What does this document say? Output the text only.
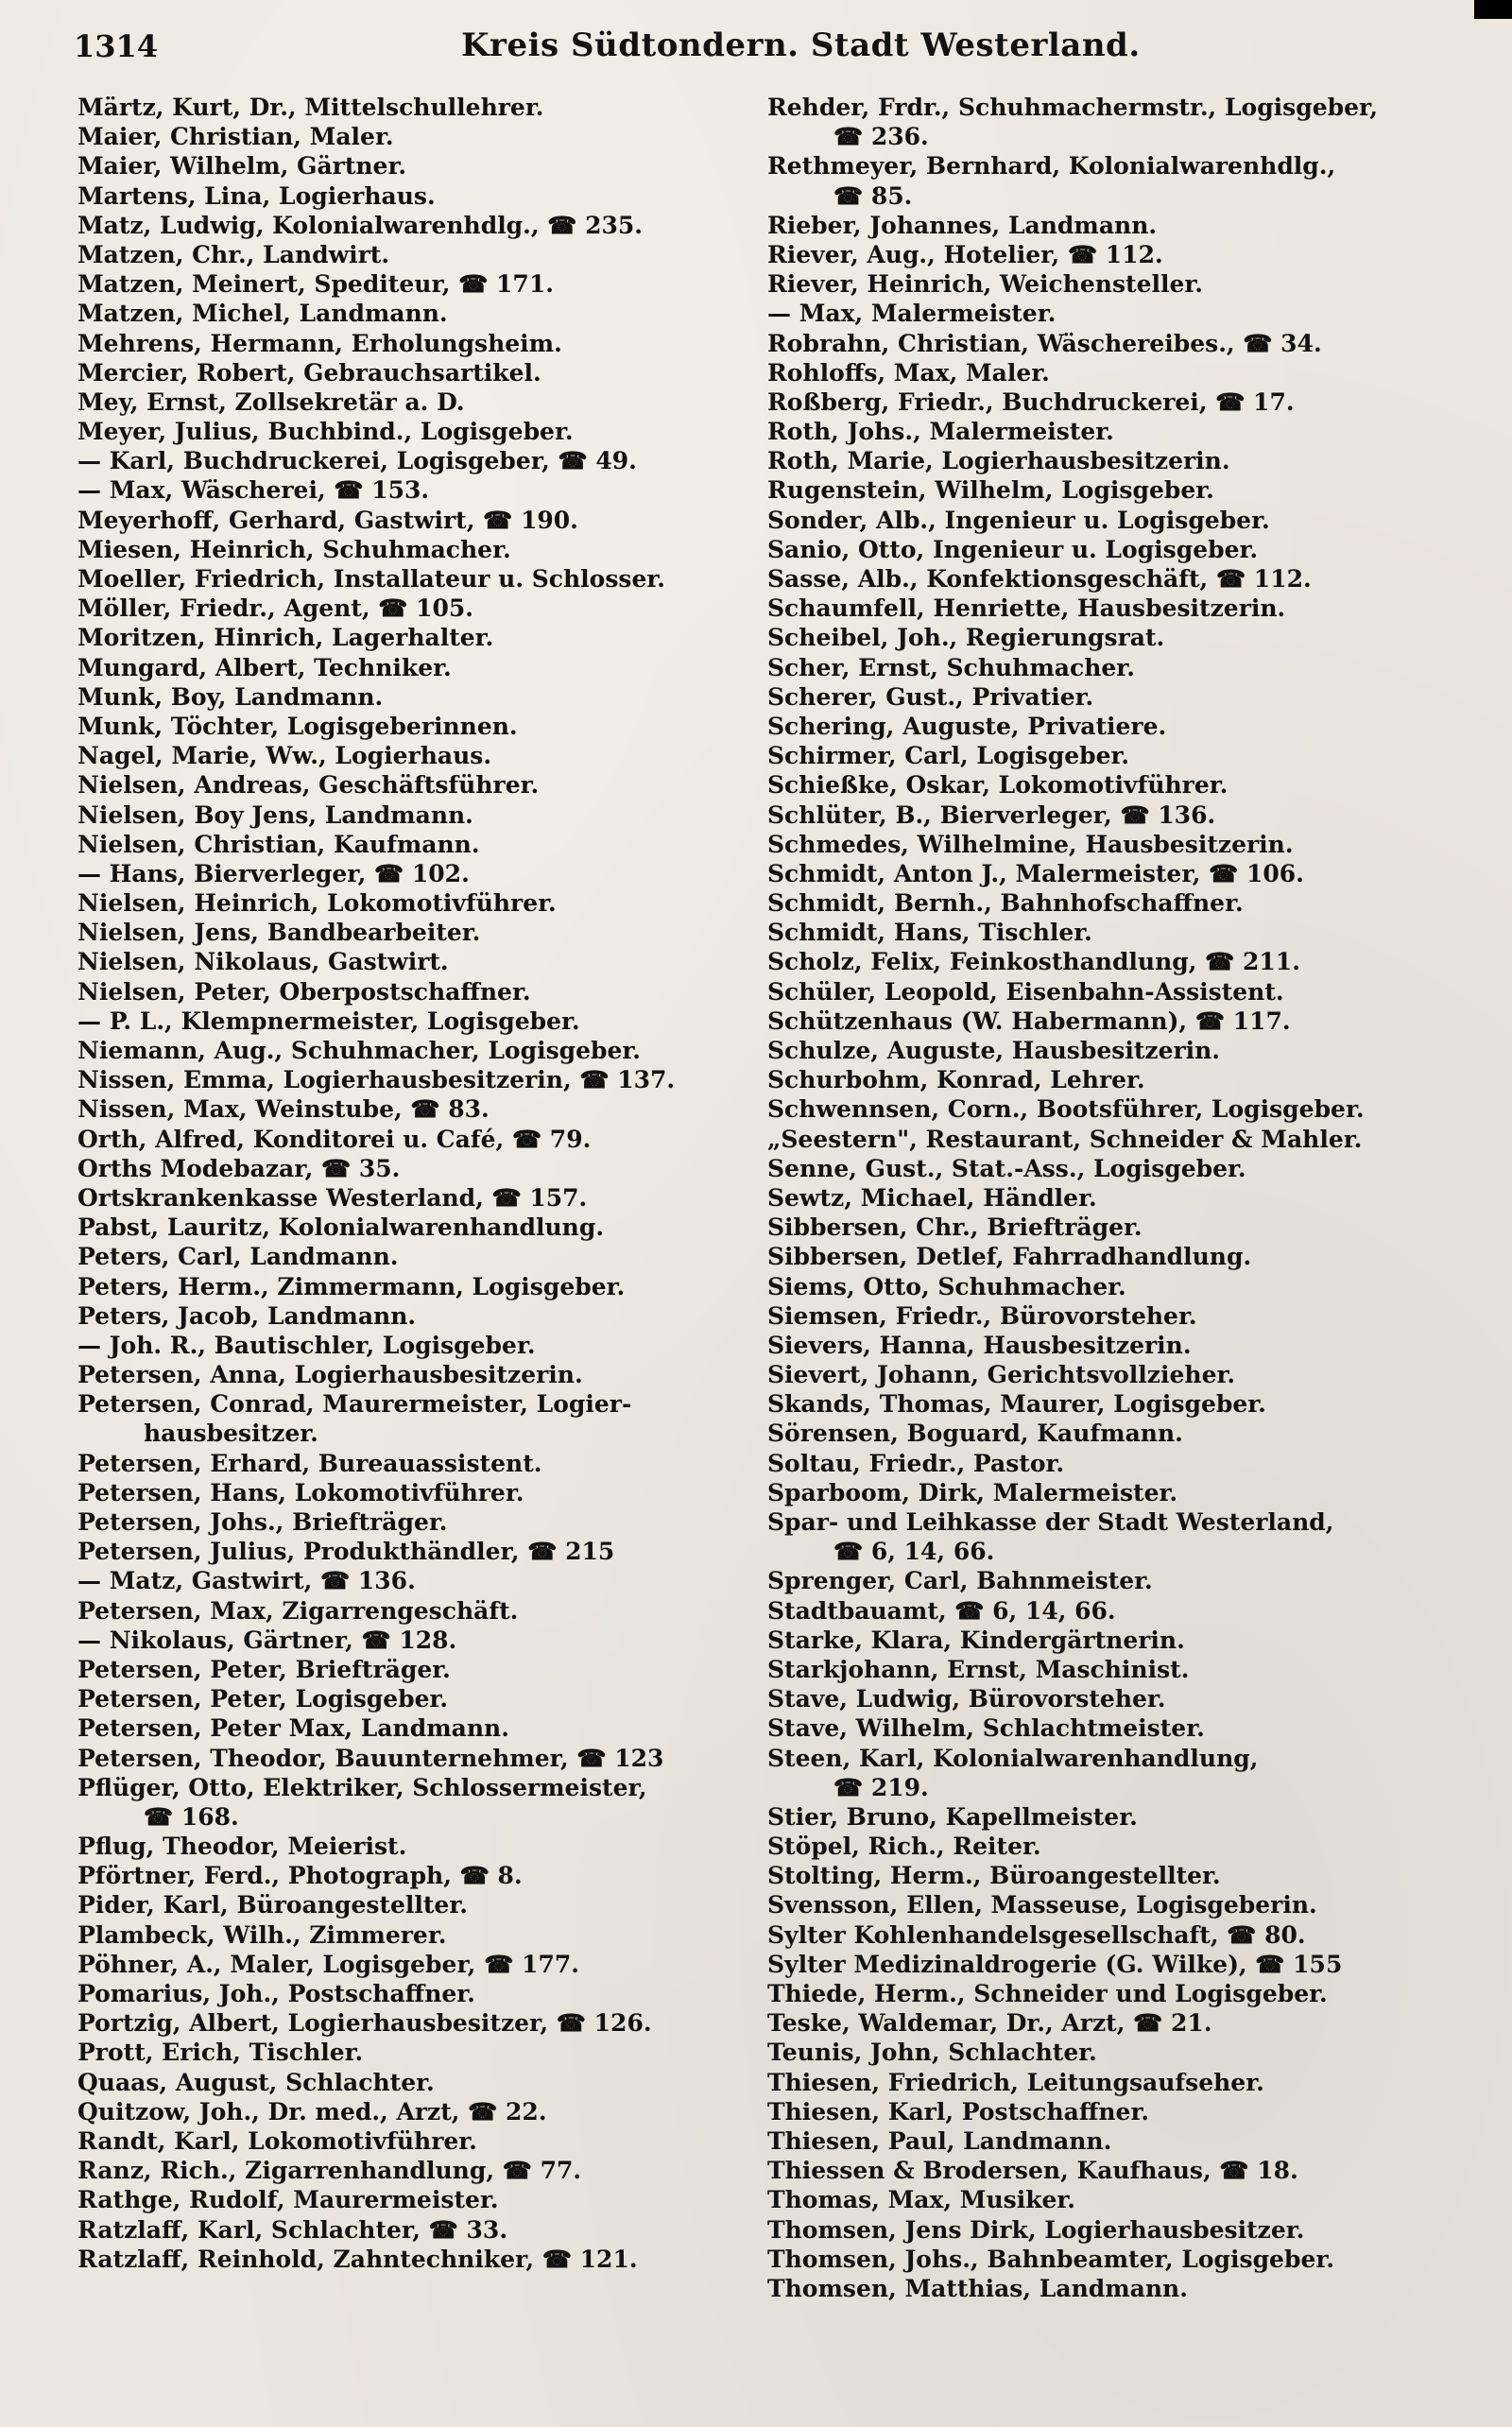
1314	Kreis Südtondern. Stadt Westerland.
Märtz, Kurt, Dr., Mittelschullehrer.
Maier, Christian, Maler.
Maier, Wilhelm, Gärtner.
Martens, Lina, Logierhaus.
Matz, Ludwig, Kolonialwarenhdlg., ☎ 235.
Matzen, Chr., Landwirt.
Matzen, Meinert, Spediteur, ☎ 171.
Matzen, Michel, Landmann.
Mehrens, Hermann, Erholungsheim.
Mercier, Robert, Gebrauchsartikel.
Mey, Ernst, Zollsekretär a. D.
Meyer, Julius, Buchbind., Logisgeber.
— Karl, Buchdruckerei, Logisgeber, ☎ 49.
— Max, Wäscherei, ☎ 153.
Meyerhoff, Gerhard, Gastwirt, ☎ 190.
Miesen, Heinrich, Schuhmacher.
Moeller, Friedrich, Installateur u. Schlosser.
Möller, Friedr., Agent, ☎ 105.
Moritzen, Hinrich, Lagerhalter.
Mungard, Albert, Techniker.
Munk, Boy, Landmann.
Munk, Töchter, Logisgeberinnen.
Nagel, Marie, Ww., Logierhaus.
Nielsen, Andreas, Geschäftsführer.
Nielsen, Boy Jens, Landmann.
Nielsen, Christian, Kaufmann.
— Hans, Bierverleger, ☎ 102.
Nielsen, Heinrich, Lokomotivführer.
Nielsen, Jens, Bandbearbeiter.
Nielsen, Nikolaus, Gastwirt.
Nielsen, Peter, Oberpostschaffner.
— P. L., Klempnermeister, Logisgeber.
Niemann, Aug., Schuhmacher, Logisgeber.
Nissen, Emma, Logierhausbesitzerin, ☎ 137.
Nissen, Max, Weinstube, ☎ 83.
Orth, Alfred, Konditorei u. Café, ☎ 79.
Orths Modebazar, ☎ 35.
Ortskrankenkasse Westerland, ☎ 157.
Pabst, Lauritz, Kolonialwarenhandlung.
Peters, Carl, Landmann.
Peters, Herm., Zimmermann, Logisgeber.
Peters, Jacob, Landmann.
— Joh. R., Bautischler, Logisgeber.
Petersen, Anna, Logierhausbesitzerin.
Petersen, Conrad, Maurermeister, Logier-
hausbesitzer.
Petersen, Erhard, Bureauassistent.
Petersen, Hans, Lokomotivführer.
Petersen, Johs., Briefträger.
Petersen, Julius, Produkthändler, ☎ 215
— Matz, Gastwirt, ☎ 136.
Petersen, Max, Zigarrengeschäft.
— Nikolaus, Gärtner, ☎ 128.
Petersen, Peter, Briefträger.
Petersen, Peter, Logisgeber.
Petersen, Peter Max, Landmann.
Petersen, Theodor, Bauunternehmer, ☎ 123
Pflüger, Otto, Elektriker, Schlossermeister,
☎ 168.
Pflug, Theodor, Meierist.
Pförtner, Ferd., Photograph, ☎ 8.
Pider, Karl, Büroangestellter.
Plambeck, Wilh., Zimmerer.
Pöhner, A., Maler, Logisgeber, ☎ 177.
Pomarius, Joh., Postschaffner.
Portzig, Albert, Logierhausbesitzer, ☎ 126.
Prott, Erich, Tischler.
Quaas, August, Schlachter.
Quitzow, Joh., Dr. med., Arzt, ☎ 22.
Randt, Karl, Lokomotivführer.
Ranz, Rich., Zigarrenhandlung, ☎ 77.
Rathge, Rudolf, Maurermeister.
Ratzlaff, Karl, Schlachter, ☎ 33.
Ratzlaff, Reinhold, Zahntechniker, ☎ 121.
Rehder, Frdr., Schuhmachermstr., Logisgeber,
☎ 236.
Rethmeyer, Bernhard, Kolonialwarenhdlg.,
☎ 85.
Rieber, Johannes, Landmann.
Riever, Aug., Hotelier, ☎ 112.
Riever, Heinrich, Weichensteller.
— Max, Malermeister.
Robrahn, Christian, Wäschereibes., ☎ 34.
Rohloffs, Max, Maler.
Roßberg, Friedr., Buchdruckerei, ☎ 17.
Roth, Johs., Malermeister.
Roth, Marie, Logierhausbesitzerin.
Rugenstein, Wilhelm, Logisgeber.
Sonder, Alb., Ingenieur u. Logisgeber.
Sanio, Otto, Ingenieur u. Logisgeber.
Sasse, Alb., Konfektionsgeschäft, ☎ 112.
Schaumfell, Henriette, Hausbesitzerin.
Scheibel, Joh., Regierungsrat.
Scher, Ernst, Schuhmacher.
Scherer, Gust., Privatier.
Schering, Auguste, Privatiere.
Schirmer, Carl, Logisgeber.
Schießke, Oskar, Lokomotivführer.
Schlüter, B., Bierverleger, ☎ 136.
Schmedes, Wilhelmine, Hausbesitzerin.
Schmidt, Anton J., Malermeister, ☎ 106.
Schmidt, Bernh., Bahnhofschaffner.
Schmidt, Hans, Tischler.
Scholz, Felix, Feinkosthandlung, ☎ 211.
Schüler, Leopold, Eisenbahn-Assistent.
Schützenhaus (W. Habermann), ☎ 117.
Schulze, Auguste, Hausbesitzerin.
Schurbohm, Konrad, Lehrer.
Schwennsen, Corn., Bootsführer, Logisgeber.
„Seestern", Restaurant, Schneider & Mahler.
Senne, Gust., Stat.-Ass., Logisgeber.
Sewtz, Michael, Händler.
Sibbersen, Chr., Briefträger.
Sibbersen, Detlef, Fahrradhandlung.
Siems, Otto, Schuhmacher.
Siemsen, Friedr., Bürovorsteher.
Sievers, Hanna, Hausbesitzerin.
Sievert, Johann, Gerichtsvollzieher.
Skands, Thomas, Maurer, Logisgeber.
Sörensen, Boguard, Kaufmann.
Soltau, Friedr., Pastor.
Sparboom, Dirk, Malermeister.
Spar- und Leihkasse der Stadt Westerland,
☎ 6, 14, 66.
Sprenger, Carl, Bahnmeister.
Stadtbauamt, ☎ 6, 14, 66.
Starke, Klara, Kindergärtnerin.
Starkjohann, Ernst, Maschinist.
Stave, Ludwig, Bürovorsteher.
Stave, Wilhelm, Schlachtmeister.
Steen, Karl, Kolonialwarenhandlung,
☎ 219.
Stier, Bruno, Kapellmeister.
Stöpel, Rich., Reiter.
Stolting, Herm., Büroangestellter.
Svensson, Ellen, Masseuse, Logisgeberin.
Sylter Kohlenhandelsgesellschaft, ☎ 80.
Sylter Medizinaldrogerie (G. Wilke), ☎ 155
Thiede, Herm., Schneider und Logisgeber.
Teske, Waldemar, Dr., Arzt, ☎ 21.
Teunis, John, Schlachter.
Thiesen, Friedrich, Leitungsaufseher.
Thiesen, Karl, Postschaffner.
Thiesen, Paul, Landmann.
Thiessen & Brodersen, Kaufhaus, ☎ 18.
Thomas, Max, Musiker.
Thomsen, Jens Dirk, Logierhausbesitzer.
Thomsen, Johs., Bahnbeamter, Logisgeber.
Thomsen, Matthias, Landmann.
